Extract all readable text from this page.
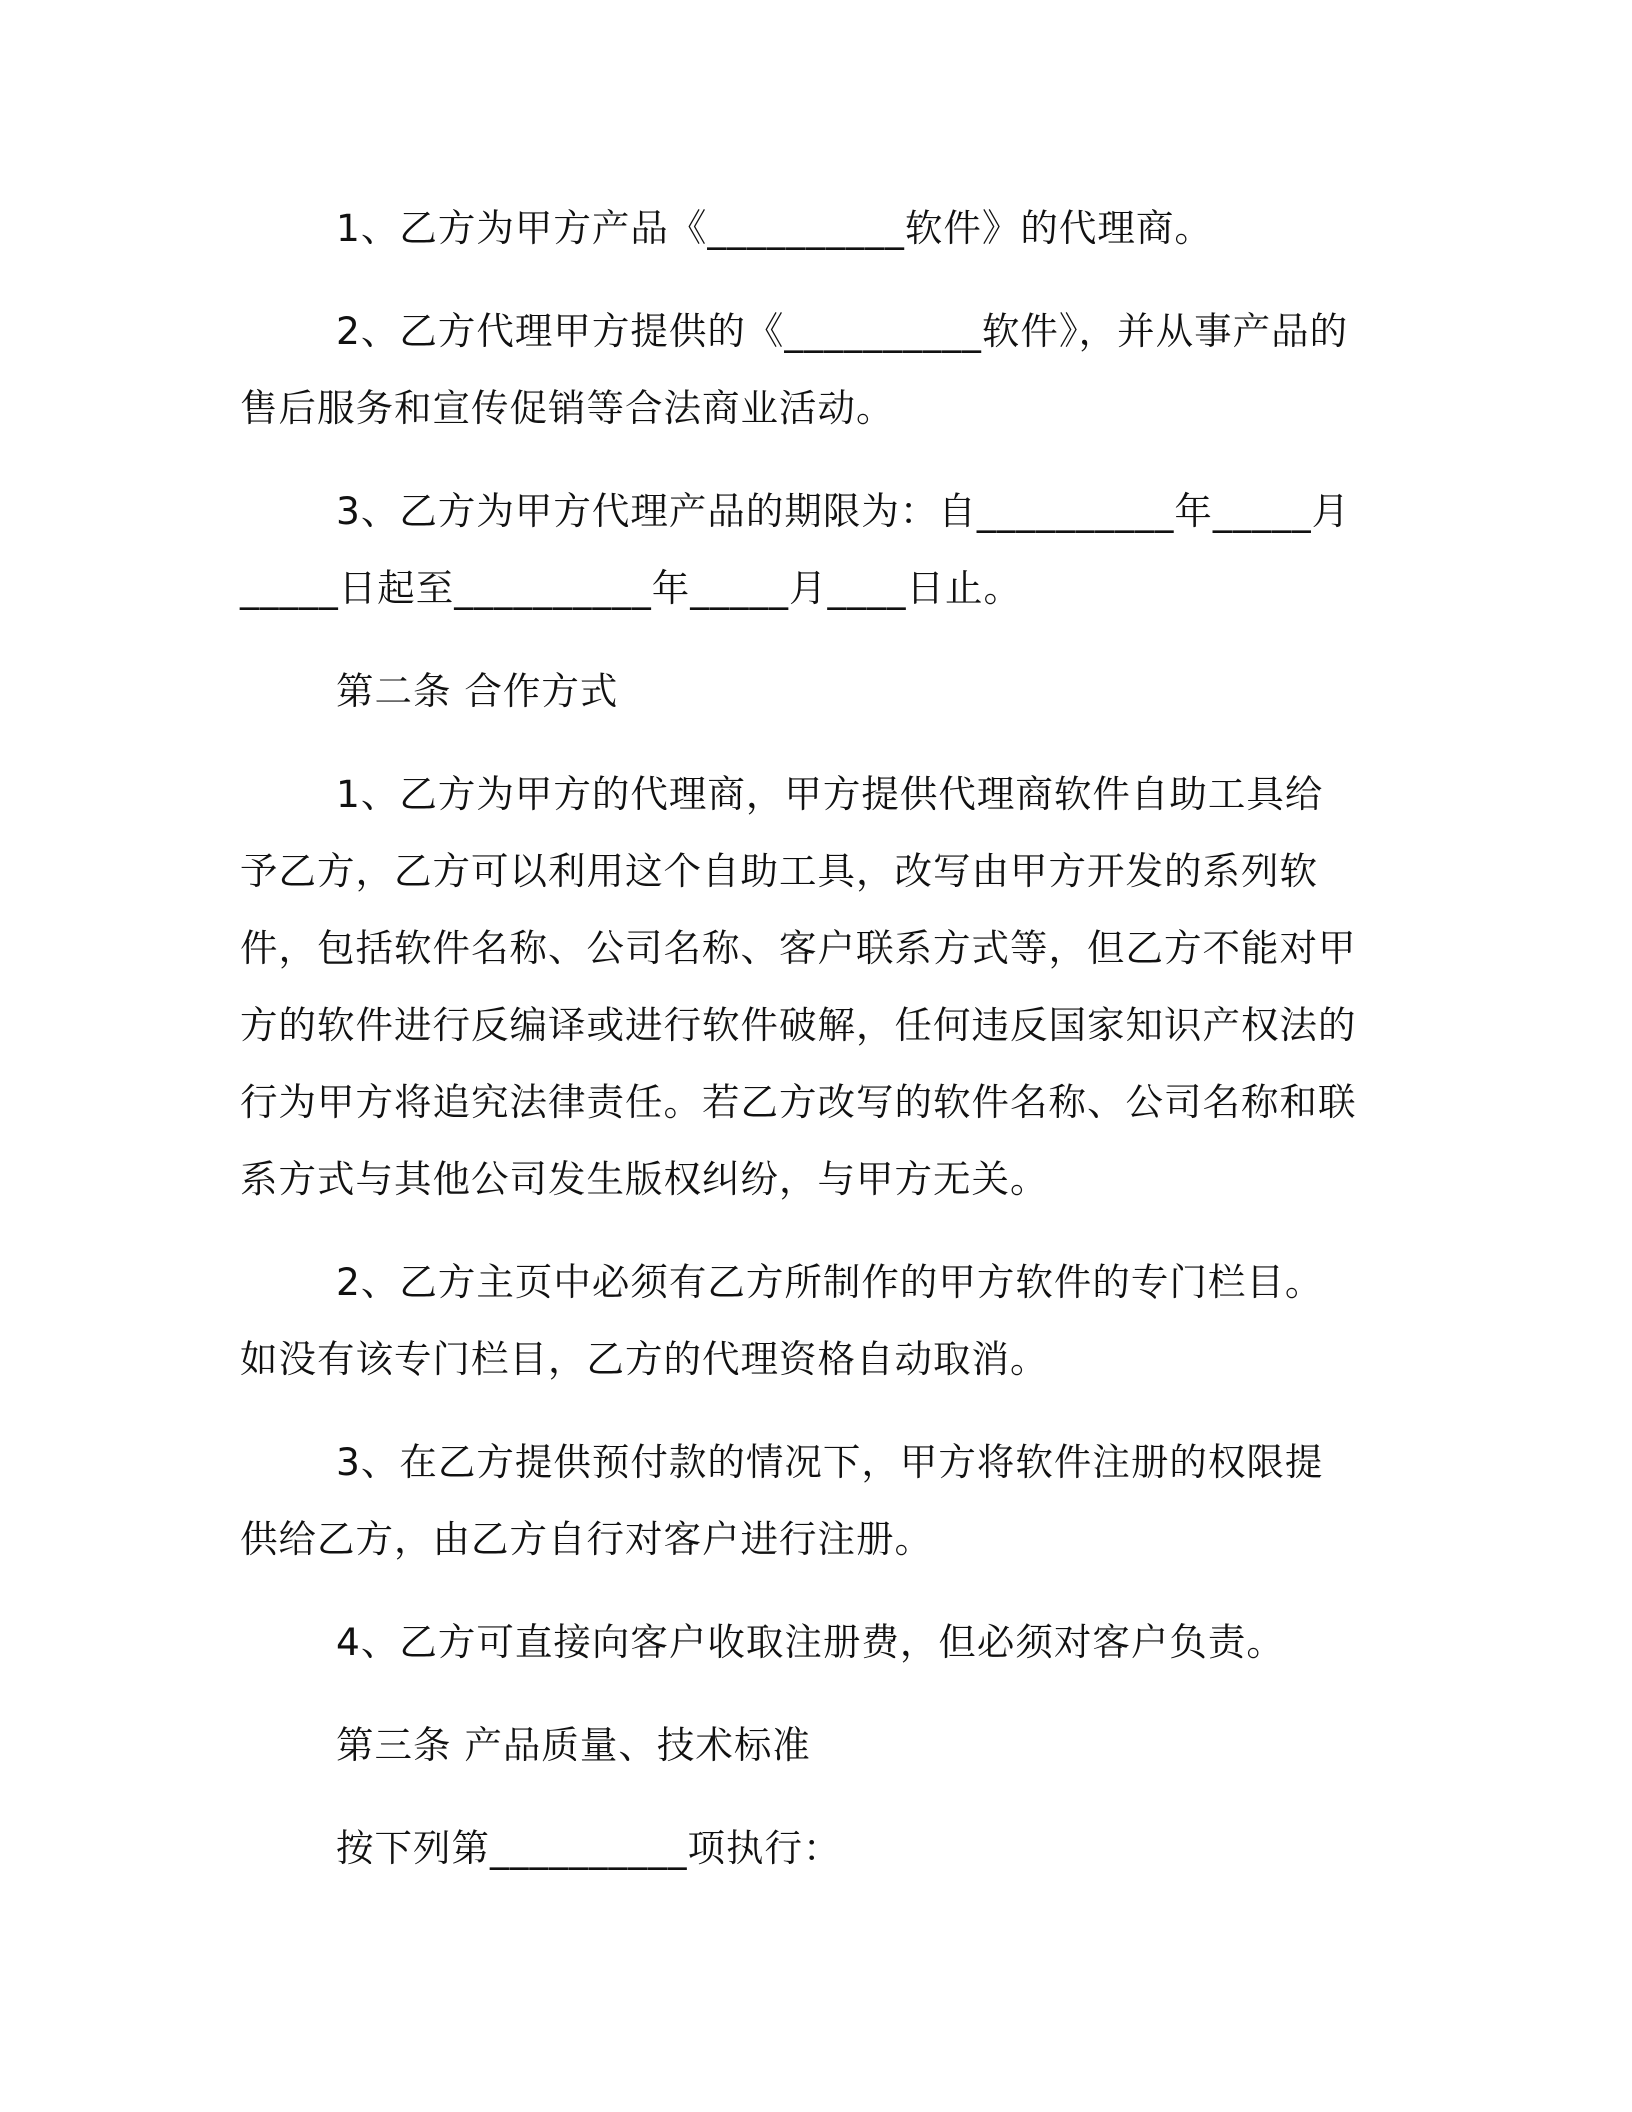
1、乙方为甲方产品《__________软件》的代理商。

2、乙方代理甲方提供的《__________软件》，并从事产品的售后服务和宣传促销等合法商业活动。

3、乙方为甲方代理产品的期限为：自__________年_____月_____日起至__________年_____月____日止。

第二条 合作方式

1、乙方为甲方的代理商，甲方提供代理商软件自助工具给予乙方，乙方可以利用这个自助工具，改写由甲方开发的系列软件，包括软件名称、公司名称、客户联系方式等，但乙方不能对甲方的软件进行反编译或进行软件破解，任何违反国家知识产权法的行为甲方将追究法律责任。若乙方改写的软件名称、公司名称和联系方式与其他公司发生版权纠纷，与甲方无关。

2、乙方主页中必须有乙方所制作的甲方软件的专门栏目。如没有该专门栏目，乙方的代理资格自动取消。

3、在乙方提供预付款的情况下，甲方将软件注册的权限提供给乙方，由乙方自行对客户进行注册。

4、乙方可直接向客户收取注册费，但必须对客户负责。

第三条 产品质量、技术标准

按下列第__________项执行：
